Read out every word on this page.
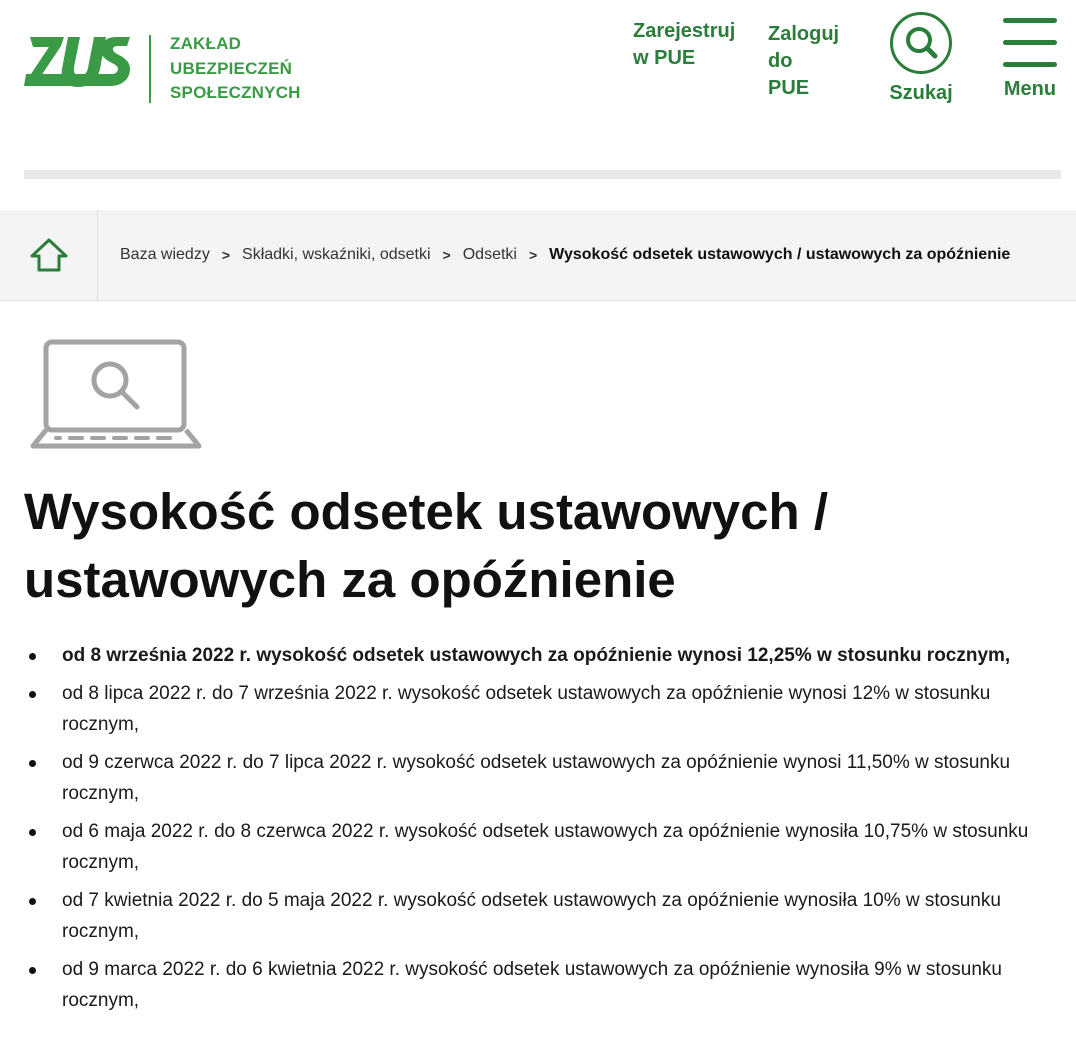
ZAKŁAD
UBEZPIECZEŃ
SPOŁECZNYCH
Zarejestruj
w PUE
Zaloguj
do
PUE	Szukaj	Menu
Baza wiedzy > Składki, wskaźniki, odsetki > Odsetki > Wysokość odsetek ustawowych / ustawowych za opóźnienie
Wysokość odsetek ustawowych / ustawowych za opóźnienie
od 8 września 2022 r. wysokość odsetek ustawowych za opóźnienie wynosi 12,25% w stosunku rocznym,
od 8 lipca 2022 r. do 7 września 2022 r. wysokość odsetek ustawowych za opóźnienie wynosi 12% w stosunku rocznym,
od 9 czerwca 2022 r. do 7 lipca 2022 r. wysokość odsetek ustawowych za opóźnienie wynosi 11,50% w stosunku rocznym,
od 6 maja 2022 r. do 8 czerwca 2022 r. wysokość odsetek ustawowych za opóźnienie wynosiła 10,75% w stosunku rocznym,
od 7 kwietnia 2022 r. do 5 maja 2022 r. wysokość odsetek ustawowych za opóźnienie wynosiła 10% w stosunku rocznym,
od 9 marca 2022 r. do 6 kwietnia 2022 r. wysokość odsetek ustawowych za opóźnienie wynosiła 9% w stosunku rocznym,
